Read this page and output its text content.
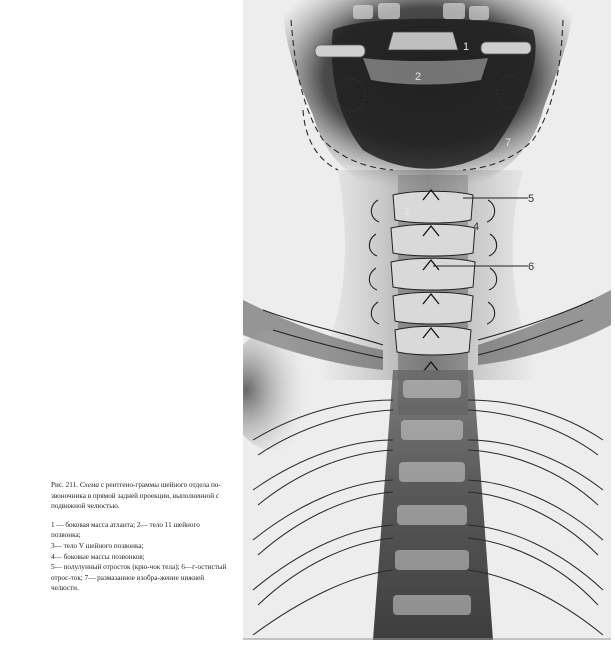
1
2
3
4
5
6
7

Рис. 211. Схема с рентгено-граммы шейного отдела по-звоночника в прямой задней проекции, выполненной с подвижной челюстью.

1 — боковая масса атланта; 2— тело 11 шейного позвонка;

3— тело V шейного позвонка;

4— боковые массы позвонков;

5— полулунный отросток (крю-чок тела); 6—г-остистый отрос-ток; 7— размазанное изобра-жение нижней челюсти.
